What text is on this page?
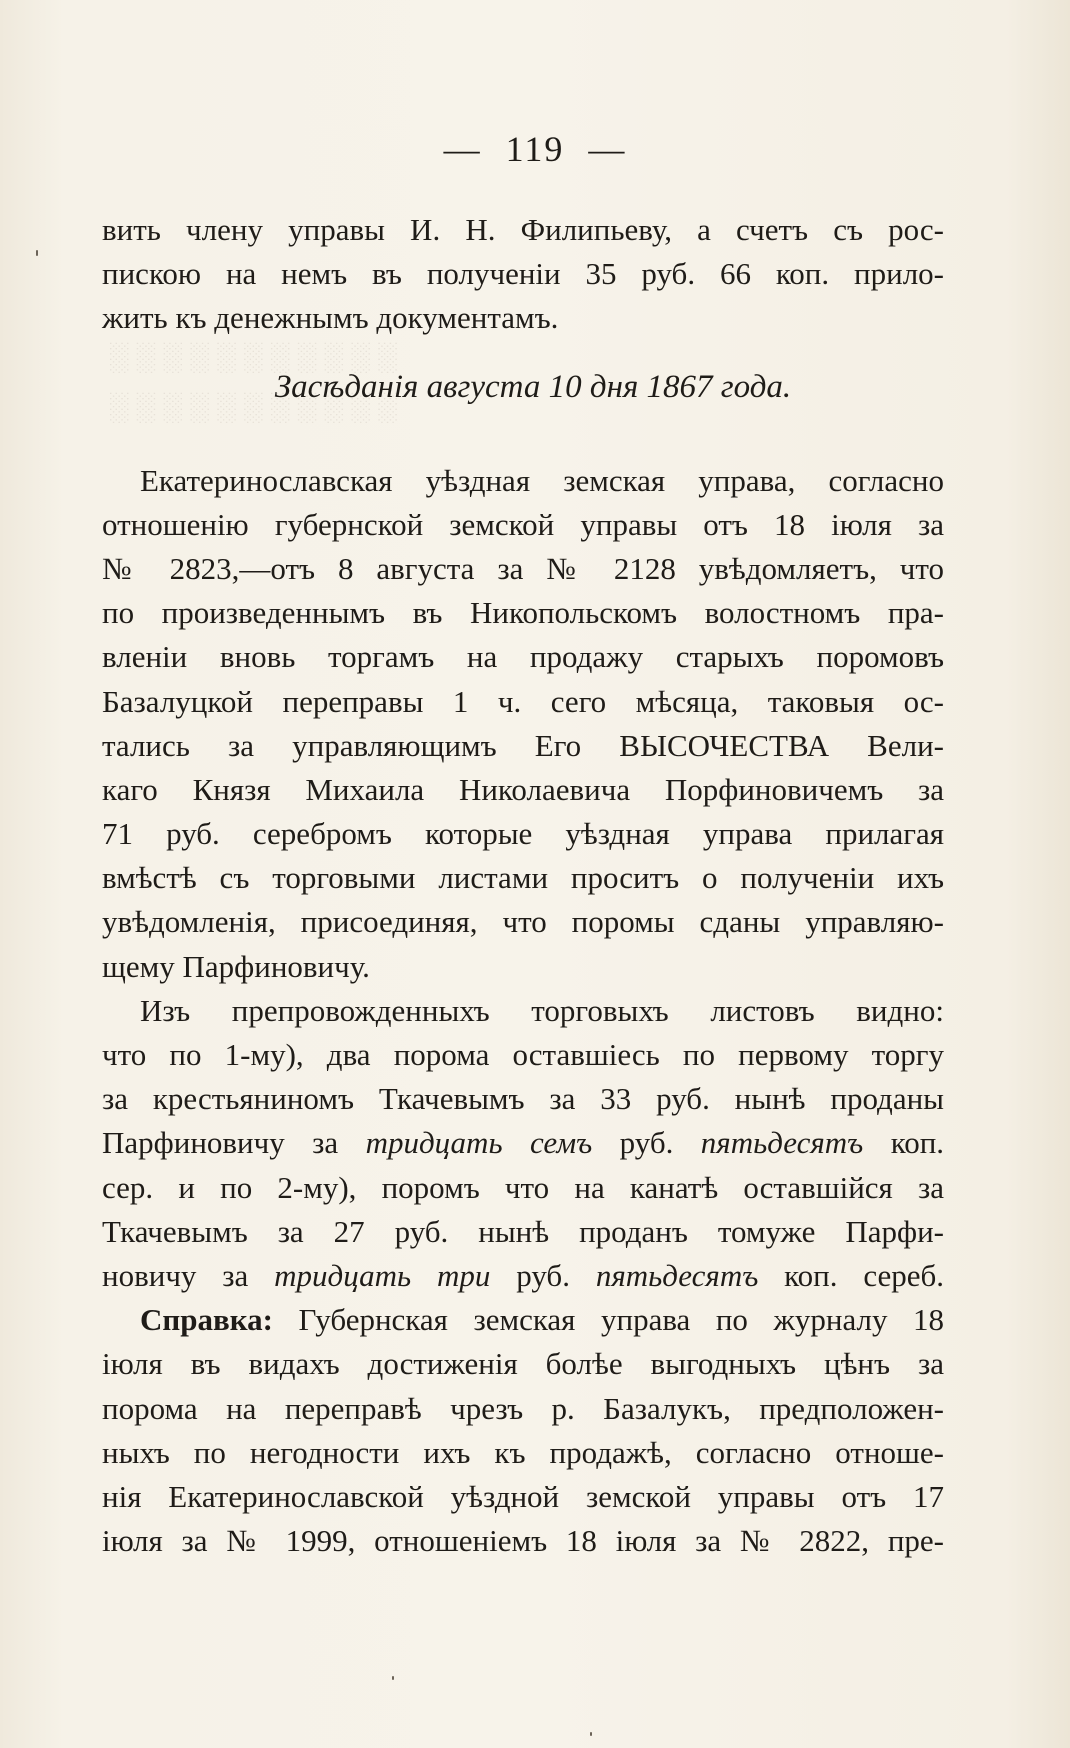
░ ░ ░ ░ ░ ░ ░ ░ ░ ░ ░
░ ░ ░ ░ ░ ░ ░ ░ ░ ░ ░
— 119 —
вить члену управы И. Н. Филипьеву, а счетъ съ рос-
пискою на немъ въ полученіи 35 руб. 66 коп. прило-
жить къ денежнымъ документамъ.
Засѣданія августа 10 дня 1867 года.
Екатеринославская уѣздная земская управа, согласно
отношенію губернской земской управы отъ 18 іюля за
№ 2823,—отъ 8 августа за № 2128 увѣдомляетъ, что
по произведеннымъ въ Никопольскомъ волостномъ пра-
вленіи вновь торгамъ на продажу старыхъ поромовъ
Базалуцкой переправы 1 ч. сего мѣсяца, таковыя ос-
тались за управляющимъ Его ВЫСОЧЕСТВА Вели-
каго Князя Михаила Николаевича Порфиновичемъ за
71 руб. серебромъ которые уѣздная управа прилагая
вмѣстѣ съ торговыми листами проситъ о полученіи ихъ
увѣдомленія, присоединяя, что поромы сданы управляю-
щему Парфиновичу.
Изъ препровожденныхъ торговыхъ листовъ видно:
что по 1-му), два порома оставшіесь по первому торгу
за крестьяниномъ Ткачевымъ за 33 руб. нынѣ проданы
Парфиновичу за тридцать семъ руб. пятьдесятъ коп.
сер. и по 2-му), поромъ что на канатѣ оставшійся за
Ткачевымъ за 27 руб. нынѣ проданъ томуже Парфи-
новичу за тридцать три руб. пятьдесятъ коп. сереб.
Справка: Губернская земская управа по журналу 18
іюля въ видахъ достиженія болѣе выгодныхъ цѣнъ за
порома на переправѣ чрезъ р. Базалукъ, предположен-
ныхъ по негодности ихъ къ продажѣ, согласно отноше-
нія Екатеринославской уѣздной земской управы отъ 17
іюля за № 1999, отношеніемъ 18 іюля за № 2822, пре-
